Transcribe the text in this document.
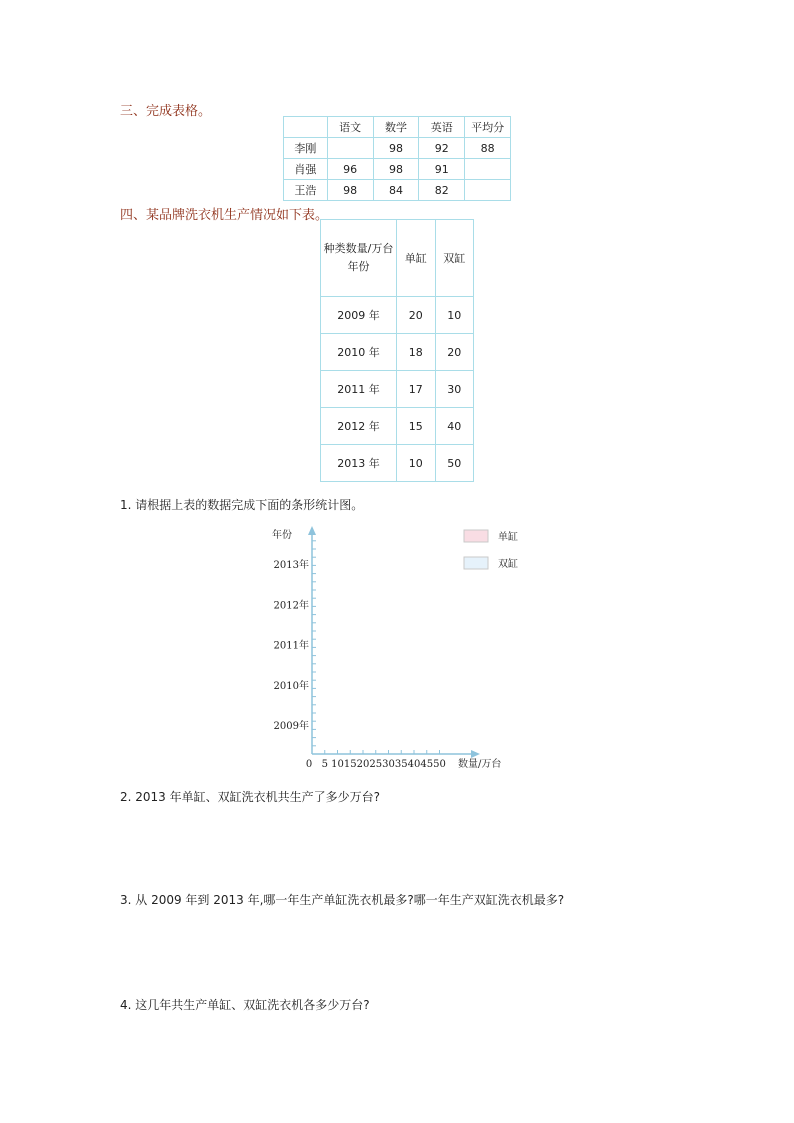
三、完成表格。
	语文	数学	英语	平均分
李刚		98	92	88
肖强	96	98	91	
王浩	98	84	82	
四、某品牌洗衣机生产情况如下表。
种类数量/万台
年份	单缸	双缸
2009 年	20	10
2010 年	18	20
2011 年	17	30
2012 年	15	40
2013 年	10	50
1. 请根据上表的数据完成下面的条形统计图。
年份
数量/万台
2009年
2010年
2011年
2012年
2013年
0 5 10 15 20 25 30 35 40 45 50
单缸
双缸
2. 2013 年单缸、双缸洗衣机共生产了多少万台?
3. 从 2009 年到 2013 年,哪一年生产单缸洗衣机最多?哪一年生产双缸洗衣机最多?
4. 这几年共生产单缸、双缸洗衣机各多少万台?
